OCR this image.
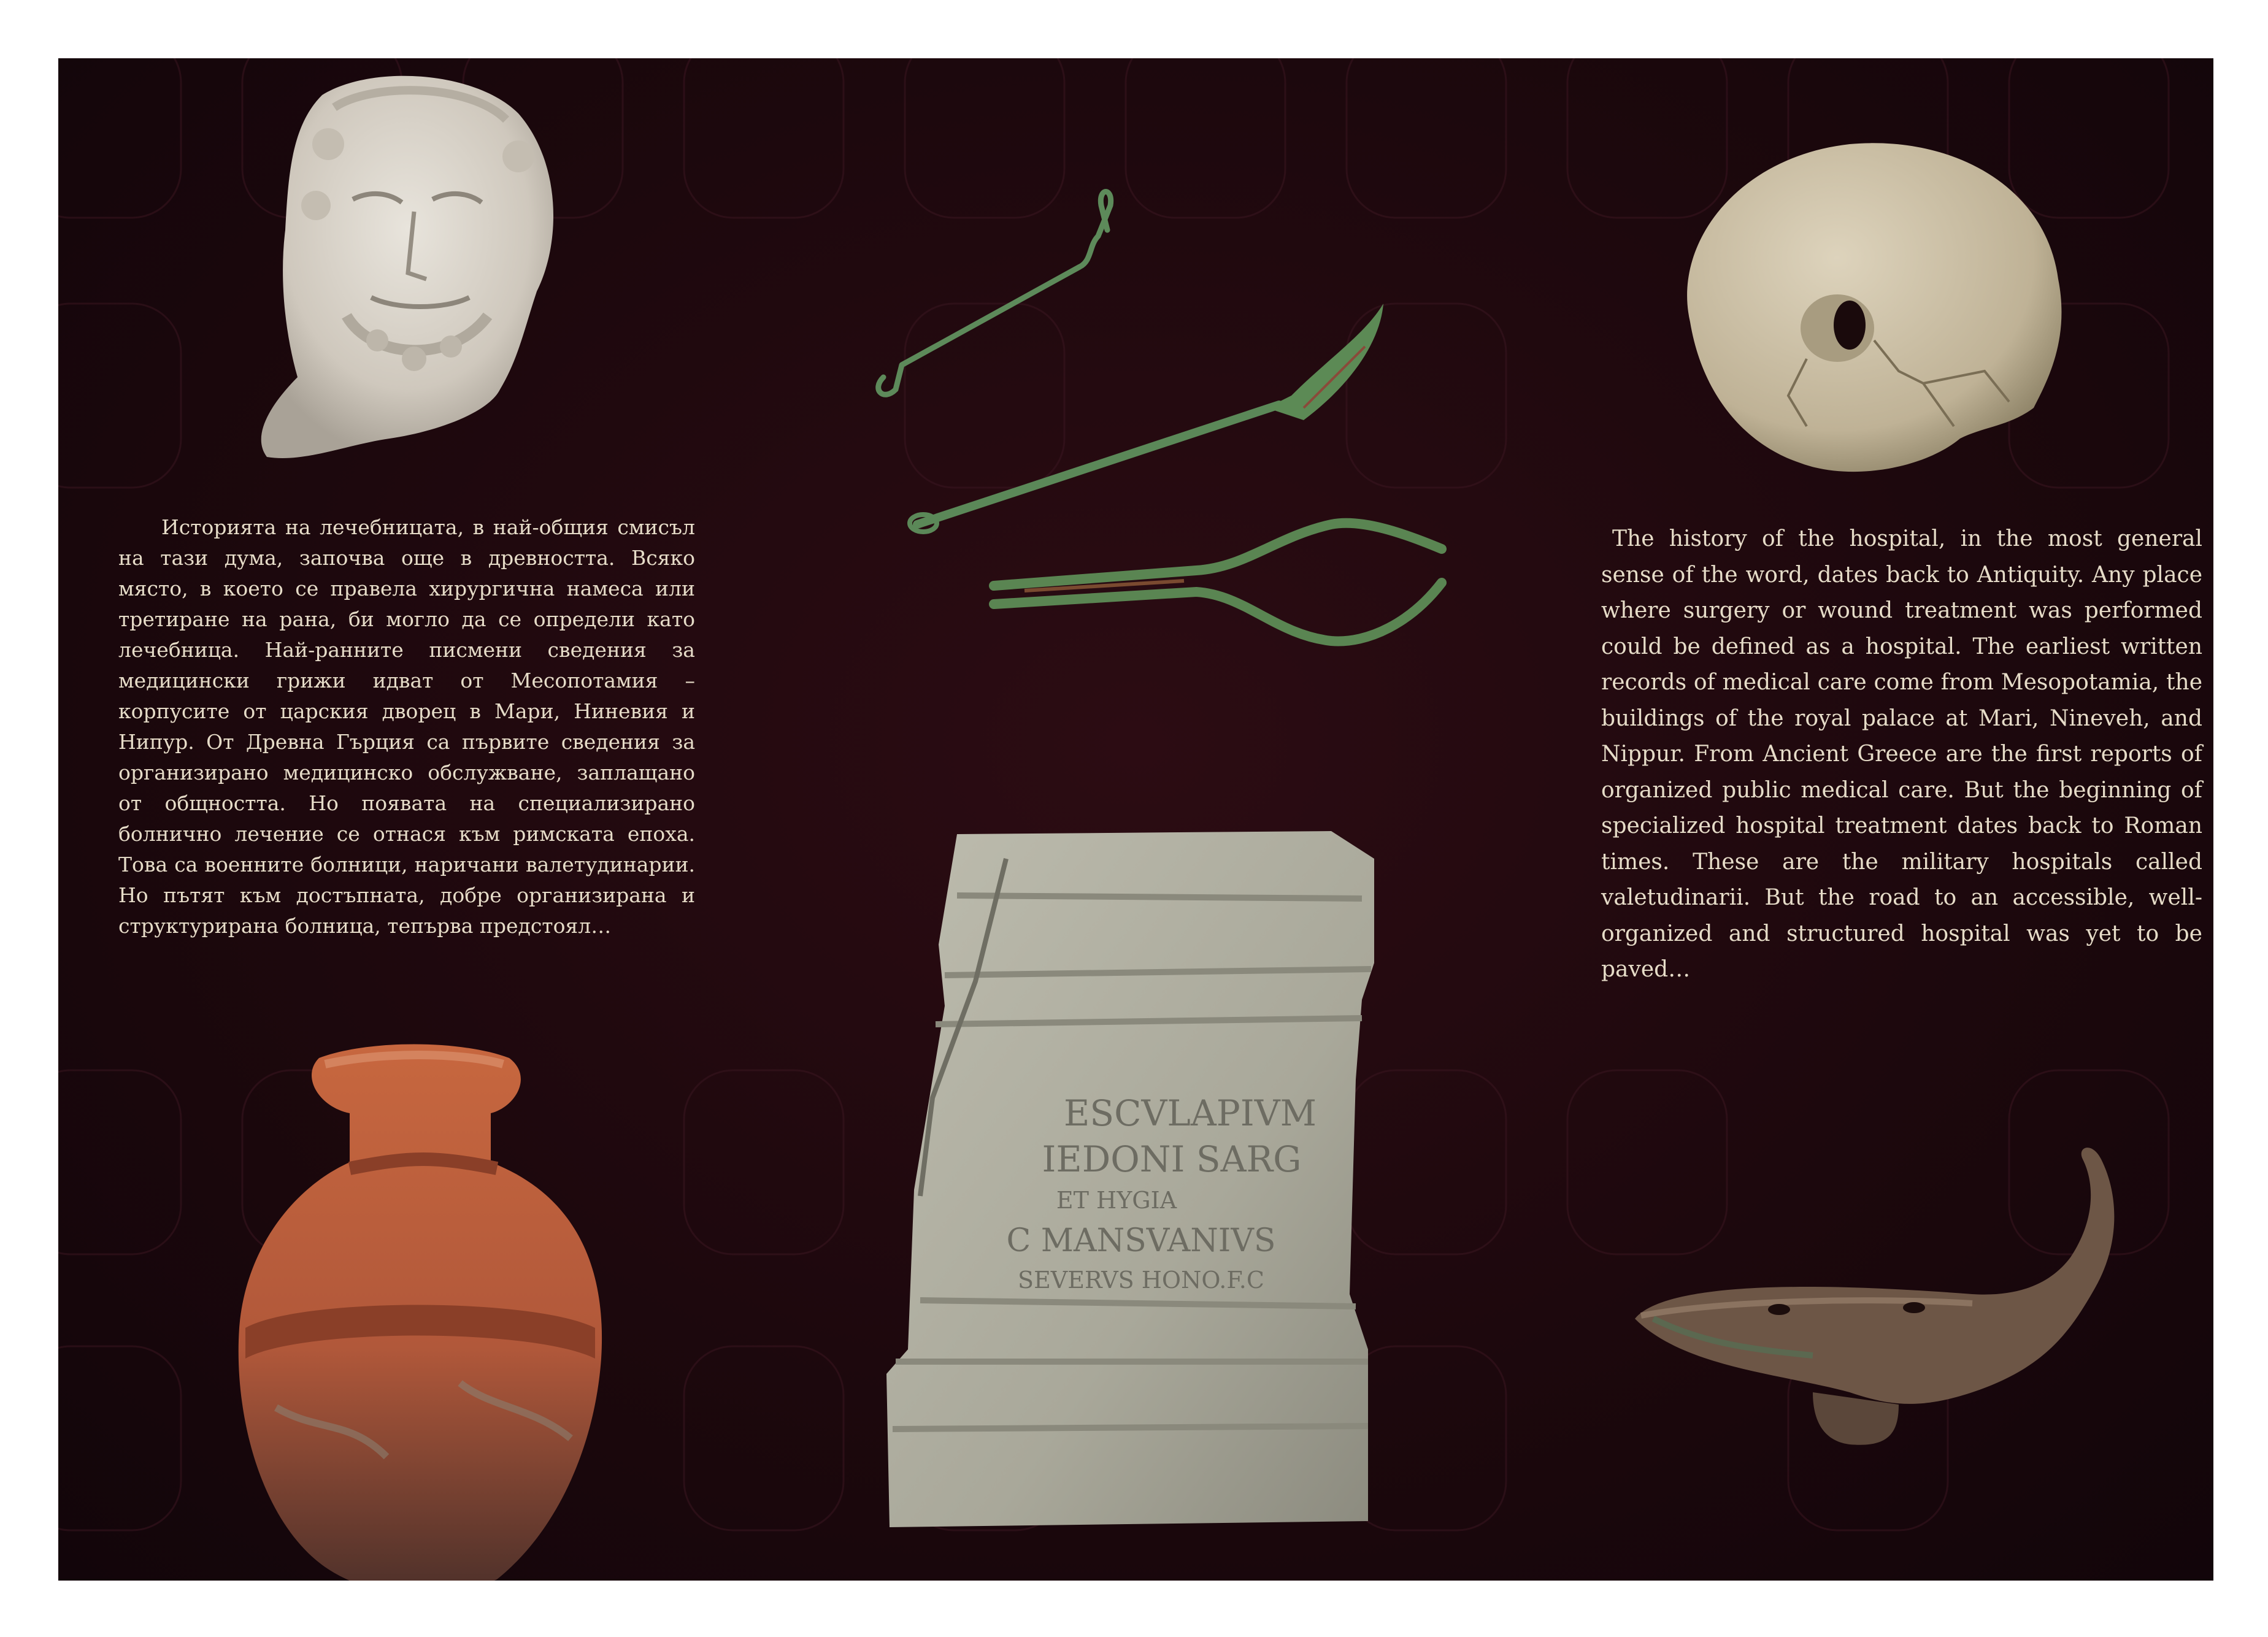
Историята на лечебницата, в най-общия смисъл на тази дума, започва още в древността. Всяко място, в което се правела хирургична намеса или третиране на рана, би могло да се определи като лечебница. Най-ранните писмени сведения за медицински грижи идват от Месопотамия – корпусите от царския дворец в Мари, Ниневия и Нипур. От Древна Гърция са първите сведения за организирано медицинско обслужване, заплащано от общността. Но появата на специализирано болнично лечение се отнася към римската епоха. Това са военните болници, наричани валетудинарии. Но пътят към достъпната, добре организирана и структурирана болница, тепърва предстоял…
The history of the hospital, in the most general sense of the word, dates back to Antiquity. Any place where surgery or wound treatment was performed could be defined as a hospital. The earliest written records of medical care come from Mesopotamia, the buildings of the royal palace at Mari, Nineveh, and Nippur. From Ancient Greece are the first reports of organized public medical care. But the beginning of specialized hospital treatment dates back to Roman times. These are the military hospitals called valetudinarii. But the road to an accessible, well-organized and structured hospital was yet to be paved…
ESCVLAPIVM
IEDONI SARG
ET HYGIA
C MANSVANIVS
SEVERVS HONO.F.C
